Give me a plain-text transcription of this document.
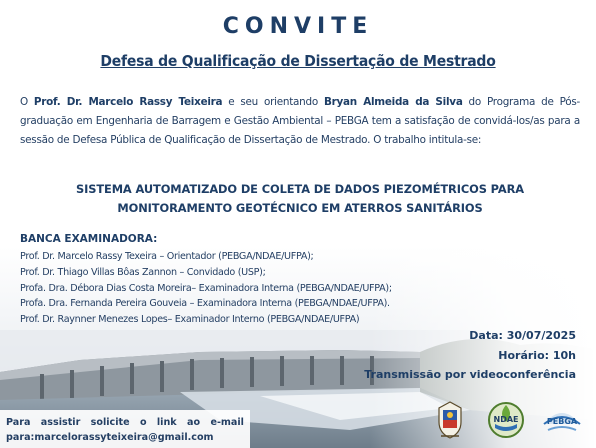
CONVITE
Defesa de Qualificação de Dissertação de Mestrado

O Prof. Dr. Marcelo Rassy Teixeira e seu orientando Bryan Almeida da Silva do Programa de Pós-graduação em Engenharia de Barragem e Gestão Ambiental – PEBGA tem a satisfação de convidá-los/as para a sessão de Defesa Pública de Qualificação de Dissertação de Mestrado. O trabalho intitula-se:

SISTEMA AUTOMATIZADO DE COLETA DE DADOS PIEZOMÉTRICOS PARA MONITORAMENTO GEOTÉCNICO EM ATERROS SANITÁRIOS

BANCA EXAMINADORA:
Prof. Dr. Marcelo Rassy Texeira – Orientador (PEBGA/NDAE/UFPA);
Prof. Dr. Thiago Villas Bôas Zannon – Convidado (USP);
Profa. Dra. Débora Dias Costa Moreira– Examinadora Interna (PEBGA/NDAE/UFPA);
Profa. Dra. Fernanda Pereira Gouveia – Examinadora Interna (PEBGA/NDAE/UFPA).
Prof. Dr. Raynner Menezes Lopes– Examinador Interno (PEBGA/NDAE/UFPA)
Data: 30/07/2025
Horário: 10h
Transmissão por videoconferência

Para assistir solicite o link ao e-mail

para:marcelorassyteixeira@gmail.com

NDAE	PEBGA
